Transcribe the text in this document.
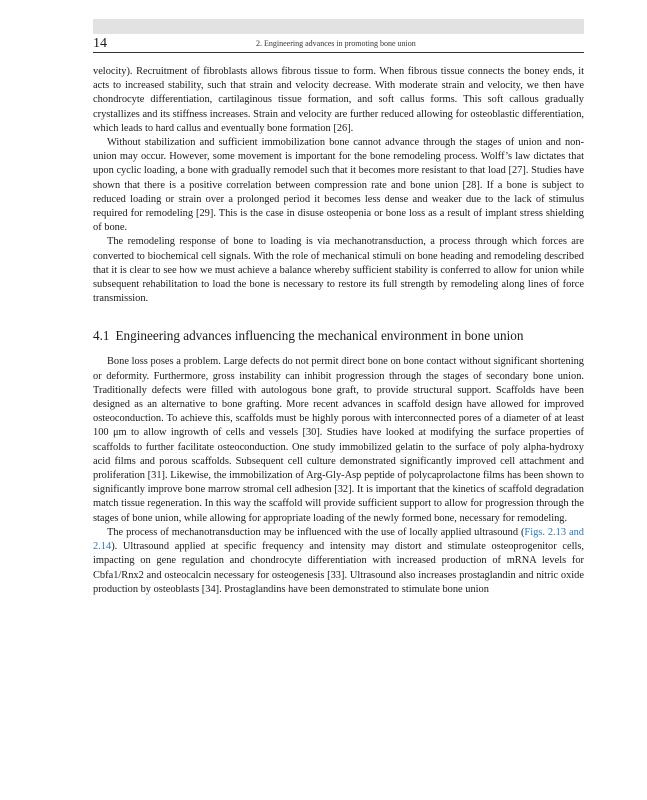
14	2. Engineering advances in promoting bone union

velocity). Recruitment of fibroblasts allows fibrous tissue to form. When fibrous tissue connects the boney ends, it acts to increased stability, such that strain and velocity decrease. With moderate strain and velocity, we then have chondrocyte differentiation, cartilaginous tissue formation, and soft callus forms. This soft callous gradually crystallizes and its stiffness increases. Strain and velocity are further reduced allowing for osteoblastic differentiation, which leads to hard callus and eventually bone formation [26].

Without stabilization and sufficient immobilization bone cannot advance through the stages of union and non-union may occur. However, some movement is important for the bone remodeling process. Wolff’s law dictates that upon cyclic loading, a bone with gradually remodel such that it becomes more resistant to that load [27]. Studies have shown that there is a positive correlation between compression rate and bone union [28]. If a bone is subject to reduced loading or strain over a prolonged period it becomes less dense and weaker due to the lack of stimulus required for remodeling [29]. This is the case in disuse osteopenia or bone loss as a result of implant stress shielding of bone.

The remodeling response of bone to loading is via mechanotransduction, a process through which forces are converted to biochemical cell signals. With the role of mechanical stimuli on bone heading and remodeling described that it is clear to see how we must achieve a balance whereby sufficient stability is conferred to allow for union while subsequent rehabilitation to load the bone is necessary to restore its full strength by remodeling along lines of force transmission.

4.1 Engineering advances influencing the mechanical environment in bone union

Bone loss poses a problem. Large defects do not permit direct bone on bone contact without significant shortening or deformity. Furthermore, gross instability can inhibit progression through the stages of secondary bone union. Traditionally defects were filled with autologous bone graft, to provide structural support. Scaffolds have been designed as an alternative to bone grafting. More recent advances in scaffold design have allowed for improved osteoconduction. To achieve this, scaffolds must be highly porous with interconnected pores of a diameter of at least 100 μm to allow ingrowth of cells and vessels [30]. Studies have looked at modifying the surface properties of scaffolds to further facilitate osteoconduction. One study immobilized gelatin to the surface of poly alpha-hydroxy acid films and porous scaffolds. Subsequent cell culture demonstrated significantly improved cell attachment and proliferation [31]. Likewise, the immobilization of Arg-Gly-Asp peptide of polycaprolactone films has been shown to significantly improve bone marrow stromal cell adhesion [32]. It is important that the kinetics of scaffold degradation match tissue regeneration. In this way the scaffold will provide sufficient support to allow for progression through the stages of bone union, while allowing for appropriate loading of the newly formed bone, necessary for remodeling.

The process of mechanotransduction may be influenced with the use of locally applied ultrasound (Figs. 2.13 and 2.14). Ultrasound applied at specific frequency and intensity may distort and stimulate osteoprogenitor cells, impacting on gene regulation and chondrocyte differentiation with increased production of mRNA levels for Cbfa1/Rnx2 and osteocalcin necessary for osteogenesis [33]. Ultrasound also increases prostaglandin and nitric oxide production by osteoblasts [34]. Prostaglandins have been demonstrated to stimulate bone union
